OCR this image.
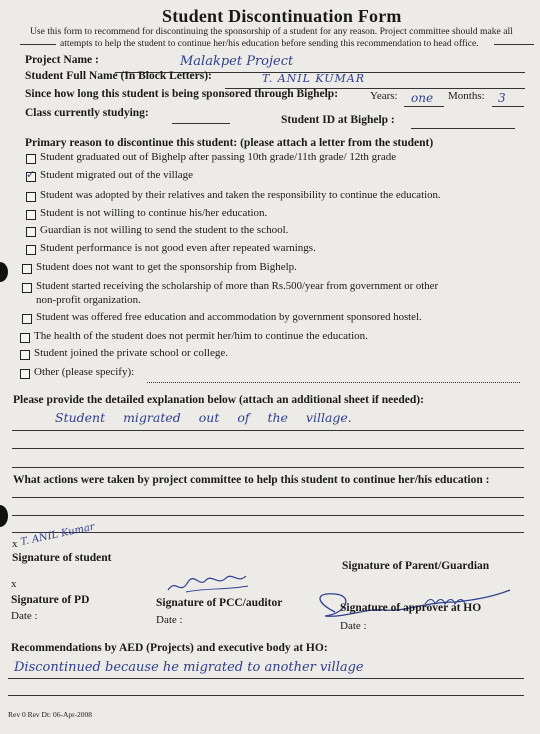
Student Discontinuation Form
Use this form to recommend for discontinuing the sponsorship of a student for any reason. Project committee should make all
attempts to help the student to continue her/his education before sending this recommendation to head office.
Project Name :	Malakpet Project
Student Full Name (In Block Letters):	T. ANIL KUMAR
Since how long this student is being sponsored through Bighelp:	Years: one Months: 3
Class currently studying:
Student ID at Bighelp :
Primary reason to discontinue this student: (please attach a letter from the student)
Student graduated out of Bighelp after passing 10th grade/11th grade/ 12th grade
✓ Student migrated out of the village
Student was adopted by their relatives and taken the responsibility to continue the education.
Student is not willing to continue his/her education.
Guardian is not willing to send the student to the school.
Student performance is not good even after repeated warnings.
Student does not want to get the sponsorship from Bighelp.
Student started receiving the scholarship of more than Rs.500/year from government or other
non-profit organization.
Student was offered free education and accommodation by government sponsored hostel.
The health of the student does not permit her/him to continue the education.
Student joined the private school or college.
Other (please specify):
Please provide the detailed explanation below (attach an additional sheet if needed):
Student migrated out of the village.
What actions were taken by project committee to help this student to continue her/his education :
x T. ANIL Kumar
Signature of student
Signature of Parent/Guardian
x
Signature of PD
Date :
Signature of PCC/auditor
Date :
Signature of approver at HO
Date :
Recommendations by AED (Projects) and executive body at HO:
Discontinued because he migrated to another village
Rev 0 Rev Dt: 06-Apr-2008
